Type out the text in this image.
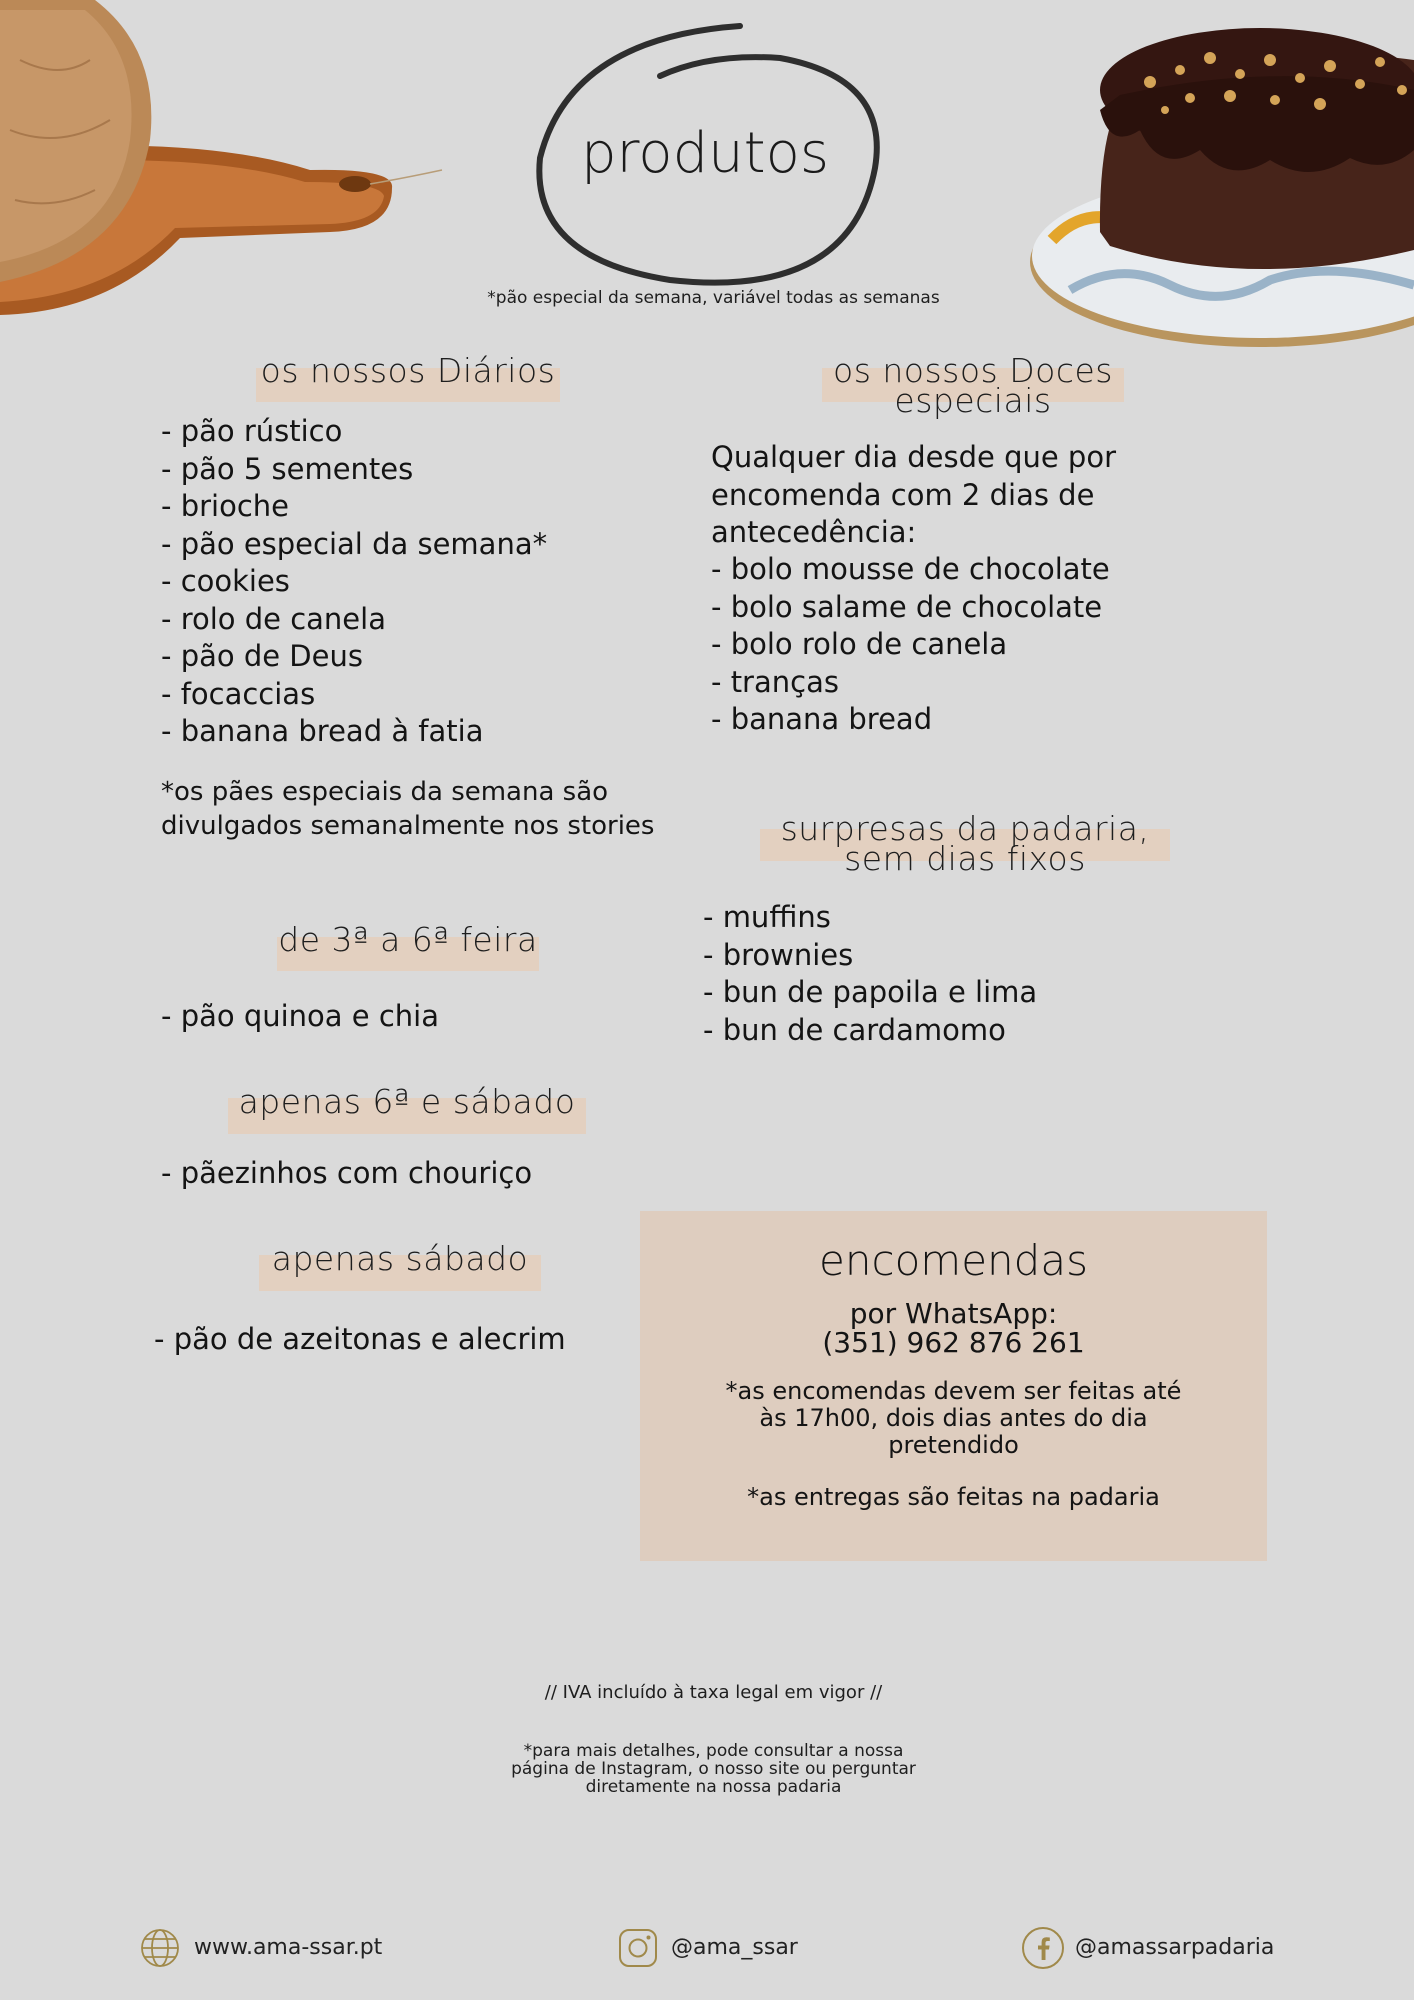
produtos
*pão especial da semana, variável todas as semanas
os nossos Diários
- pão rústico
- pão 5 sementes
- brioche
- pão especial da semana*
- cookies
- rolo de canela
- pão de Deus
- focaccias
- banana bread à fatia
*os pães especiais da semana são
divulgados semanalmente nos stories
de 3ª a 6ª feira
- pão quinoa e chia
apenas 6ª e sábado
- pãezinhos com chouriço
apenas sábado
- pão de azeitonas e alecrim
os nossos Doces
especiais
Qualquer dia desde que por
encomenda com 2 dias de
antecedência:
- bolo mousse de chocolate
- bolo salame de chocolate
- bolo rolo de canela
- tranças
- banana bread
surpresas da padaria,
sem dias fixos
- muffins
- brownies
- bun de papoila e lima
- bun de cardamomo
encomendas
por WhatsApp:
(351) 962 876 261
*as encomendas devem ser feitas até
às 17h00, dois dias antes do dia
pretendido
*as entregas são feitas na padaria
// IVA incluído à taxa legal em vigor //
*para mais detalhes, pode consultar a nossa
página de Instagram, o nosso site ou perguntar
diretamente na nossa padaria
www.ama-ssar.pt	@ama_ssar	@amassarpadaria
